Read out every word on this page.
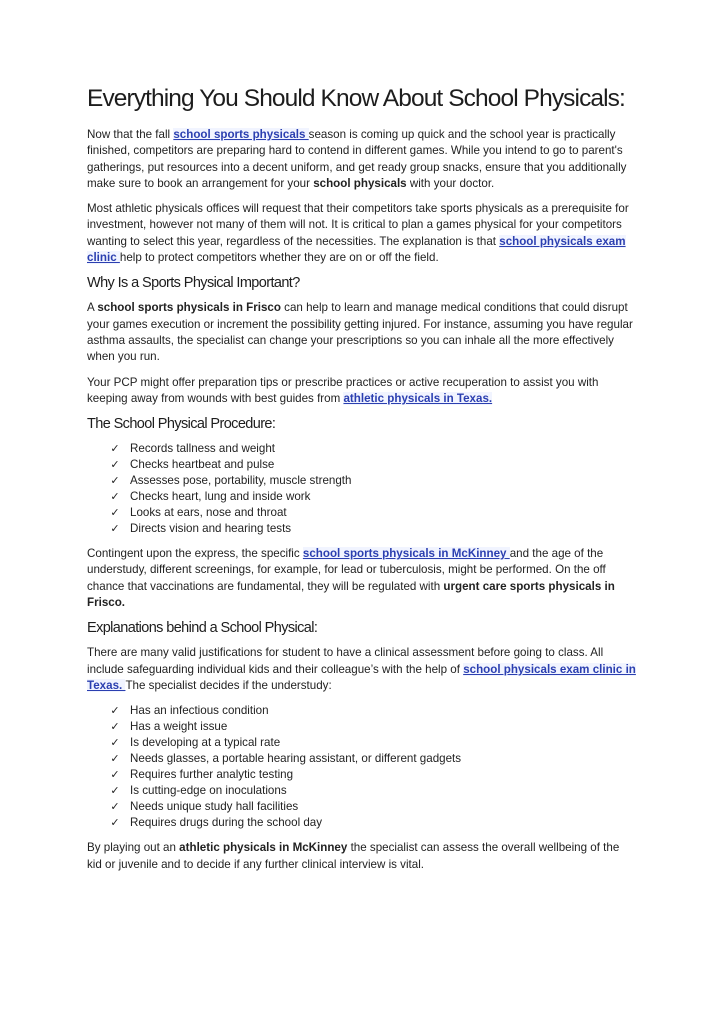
Everything You Should Know About School Physicals:

Now that the fall school sports physicals season is coming up quick and the school year is practically finished, competitors are preparing hard to contend in different games. While you intend to go to parent's gatherings, put resources into a decent uniform, and get ready group snacks, ensure that you additionally make sure to book an arrangement for your school physicals with your doctor.

Most athletic physicals offices will request that their competitors take sports physicals as a prerequisite for investment, however not many of them will not. It is critical to plan a games physical for your competitors wanting to select this year, regardless of the necessities. The explanation is that school physicals exam clinic help to protect competitors whether they are on or off the field.

Why Is a Sports Physical Important?

A school sports physicals in Frisco can help to learn and manage medical conditions that could disrupt your games execution or increment the possibility getting injured. For instance, assuming you have regular asthma assaults, the specialist can change your prescriptions so you can inhale all the more effectively when you run.

Your PCP might offer preparation tips or prescribe practices or active recuperation to assist you with keeping away from wounds with best guides from athletic physicals in Texas.

The School Physical Procedure:
✓ Records tallness and weight
✓ Checks heartbeat and pulse
✓ Assesses pose, portability, muscle strength
✓ Checks heart, lung and inside work
✓ Looks at ears, nose and throat
✓ Directs vision and hearing tests

Contingent upon the express, the specific school sports physicals in McKinney and the age of the understudy, different screenings, for example, for lead or tuberculosis, might be performed. On the off chance that vaccinations are fundamental, they will be regulated with urgent care sports physicals in Frisco.

Explanations behind a School Physical:

There are many valid justifications for student to have a clinical assessment before going to class. All include safeguarding individual kids and their colleague’s with the help of school physicals exam clinic in Texas. The specialist decides if the understudy:

✓ Has an infectious condition
✓ Has a weight issue
✓ Is developing at a typical rate
✓ Needs glasses, a portable hearing assistant, or different gadgets
✓ Requires further analytic testing
✓ Is cutting-edge on inoculations
✓ Needs unique study hall facilities
✓ Requires drugs during the school day

By playing out an athletic physicals in McKinney the specialist can assess the overall wellbeing of the kid or juvenile and to decide if any further clinical interview is vital.
